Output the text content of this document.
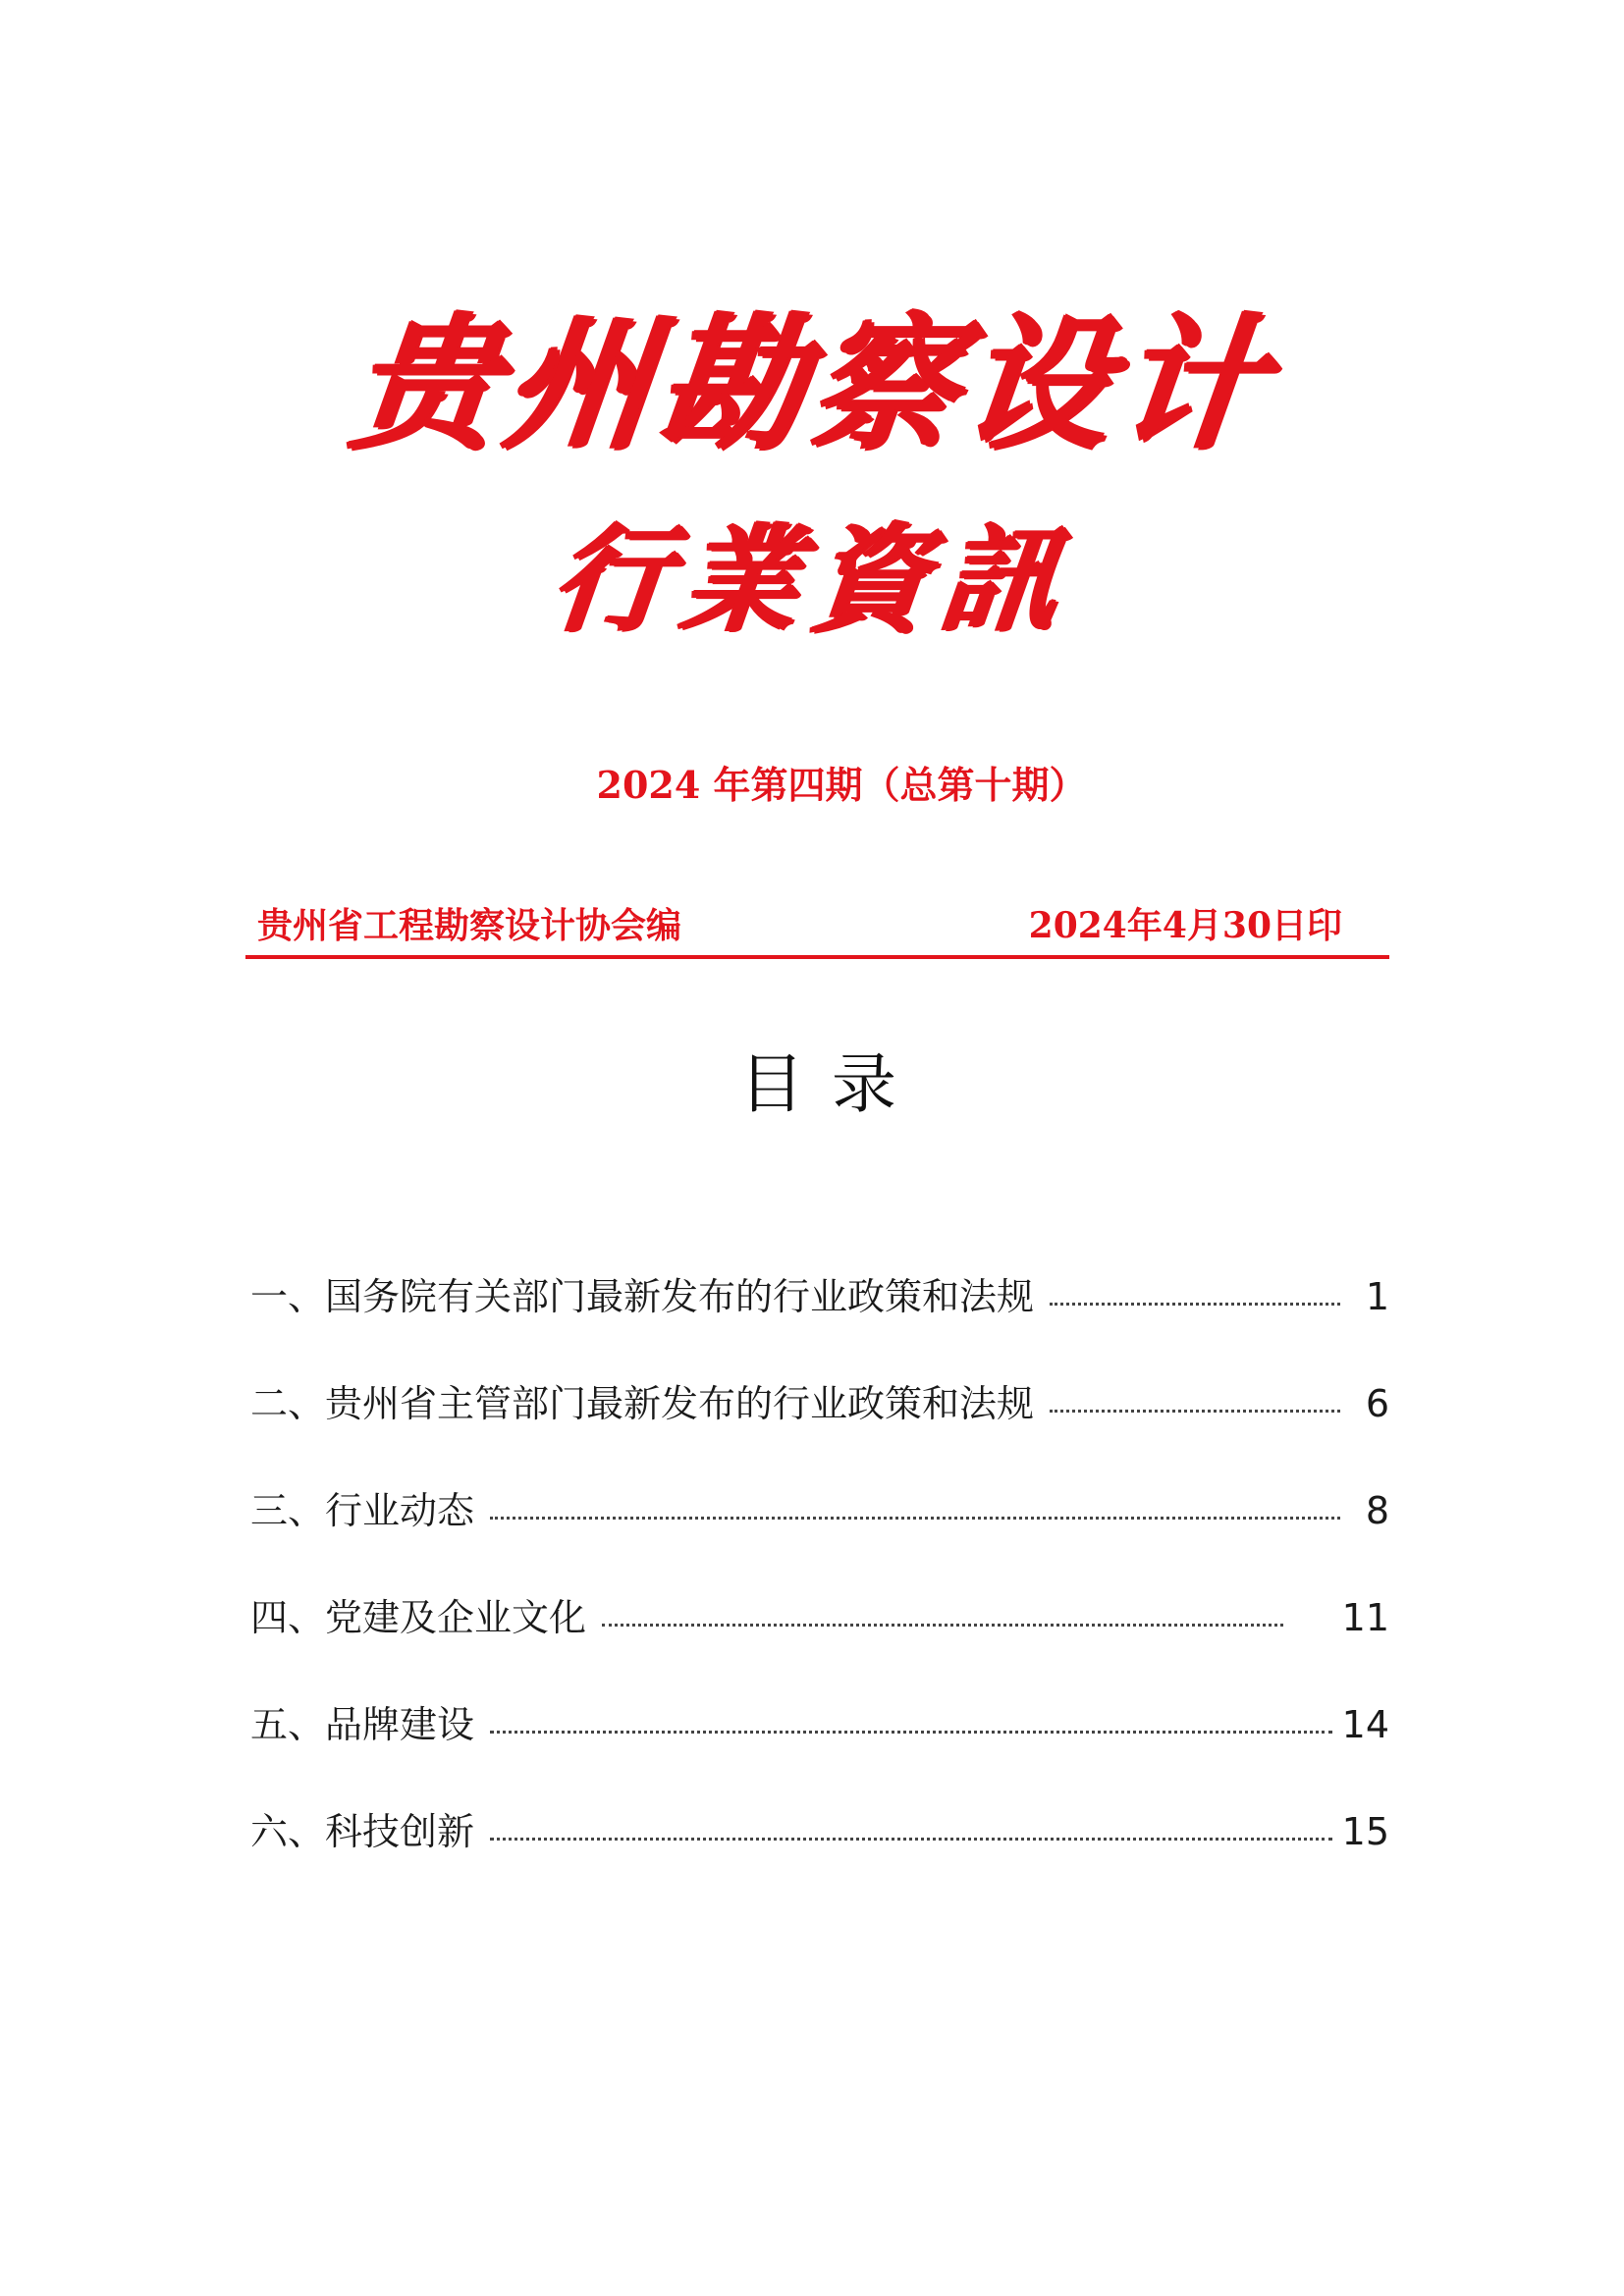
贵州勘察设计
行業資訊
2024 年第四期（总第十期）
贵州省工程勘察设计协会编	2024年4月30日印
目录
一、国务院有关部门最新发布的行业政策和法规	1
二、贵州省主管部门最新发布的行业政策和法规	6
三、行业动态	8
四、党建及企业文化	11
五、品牌建设	14
六、科技创新	15
